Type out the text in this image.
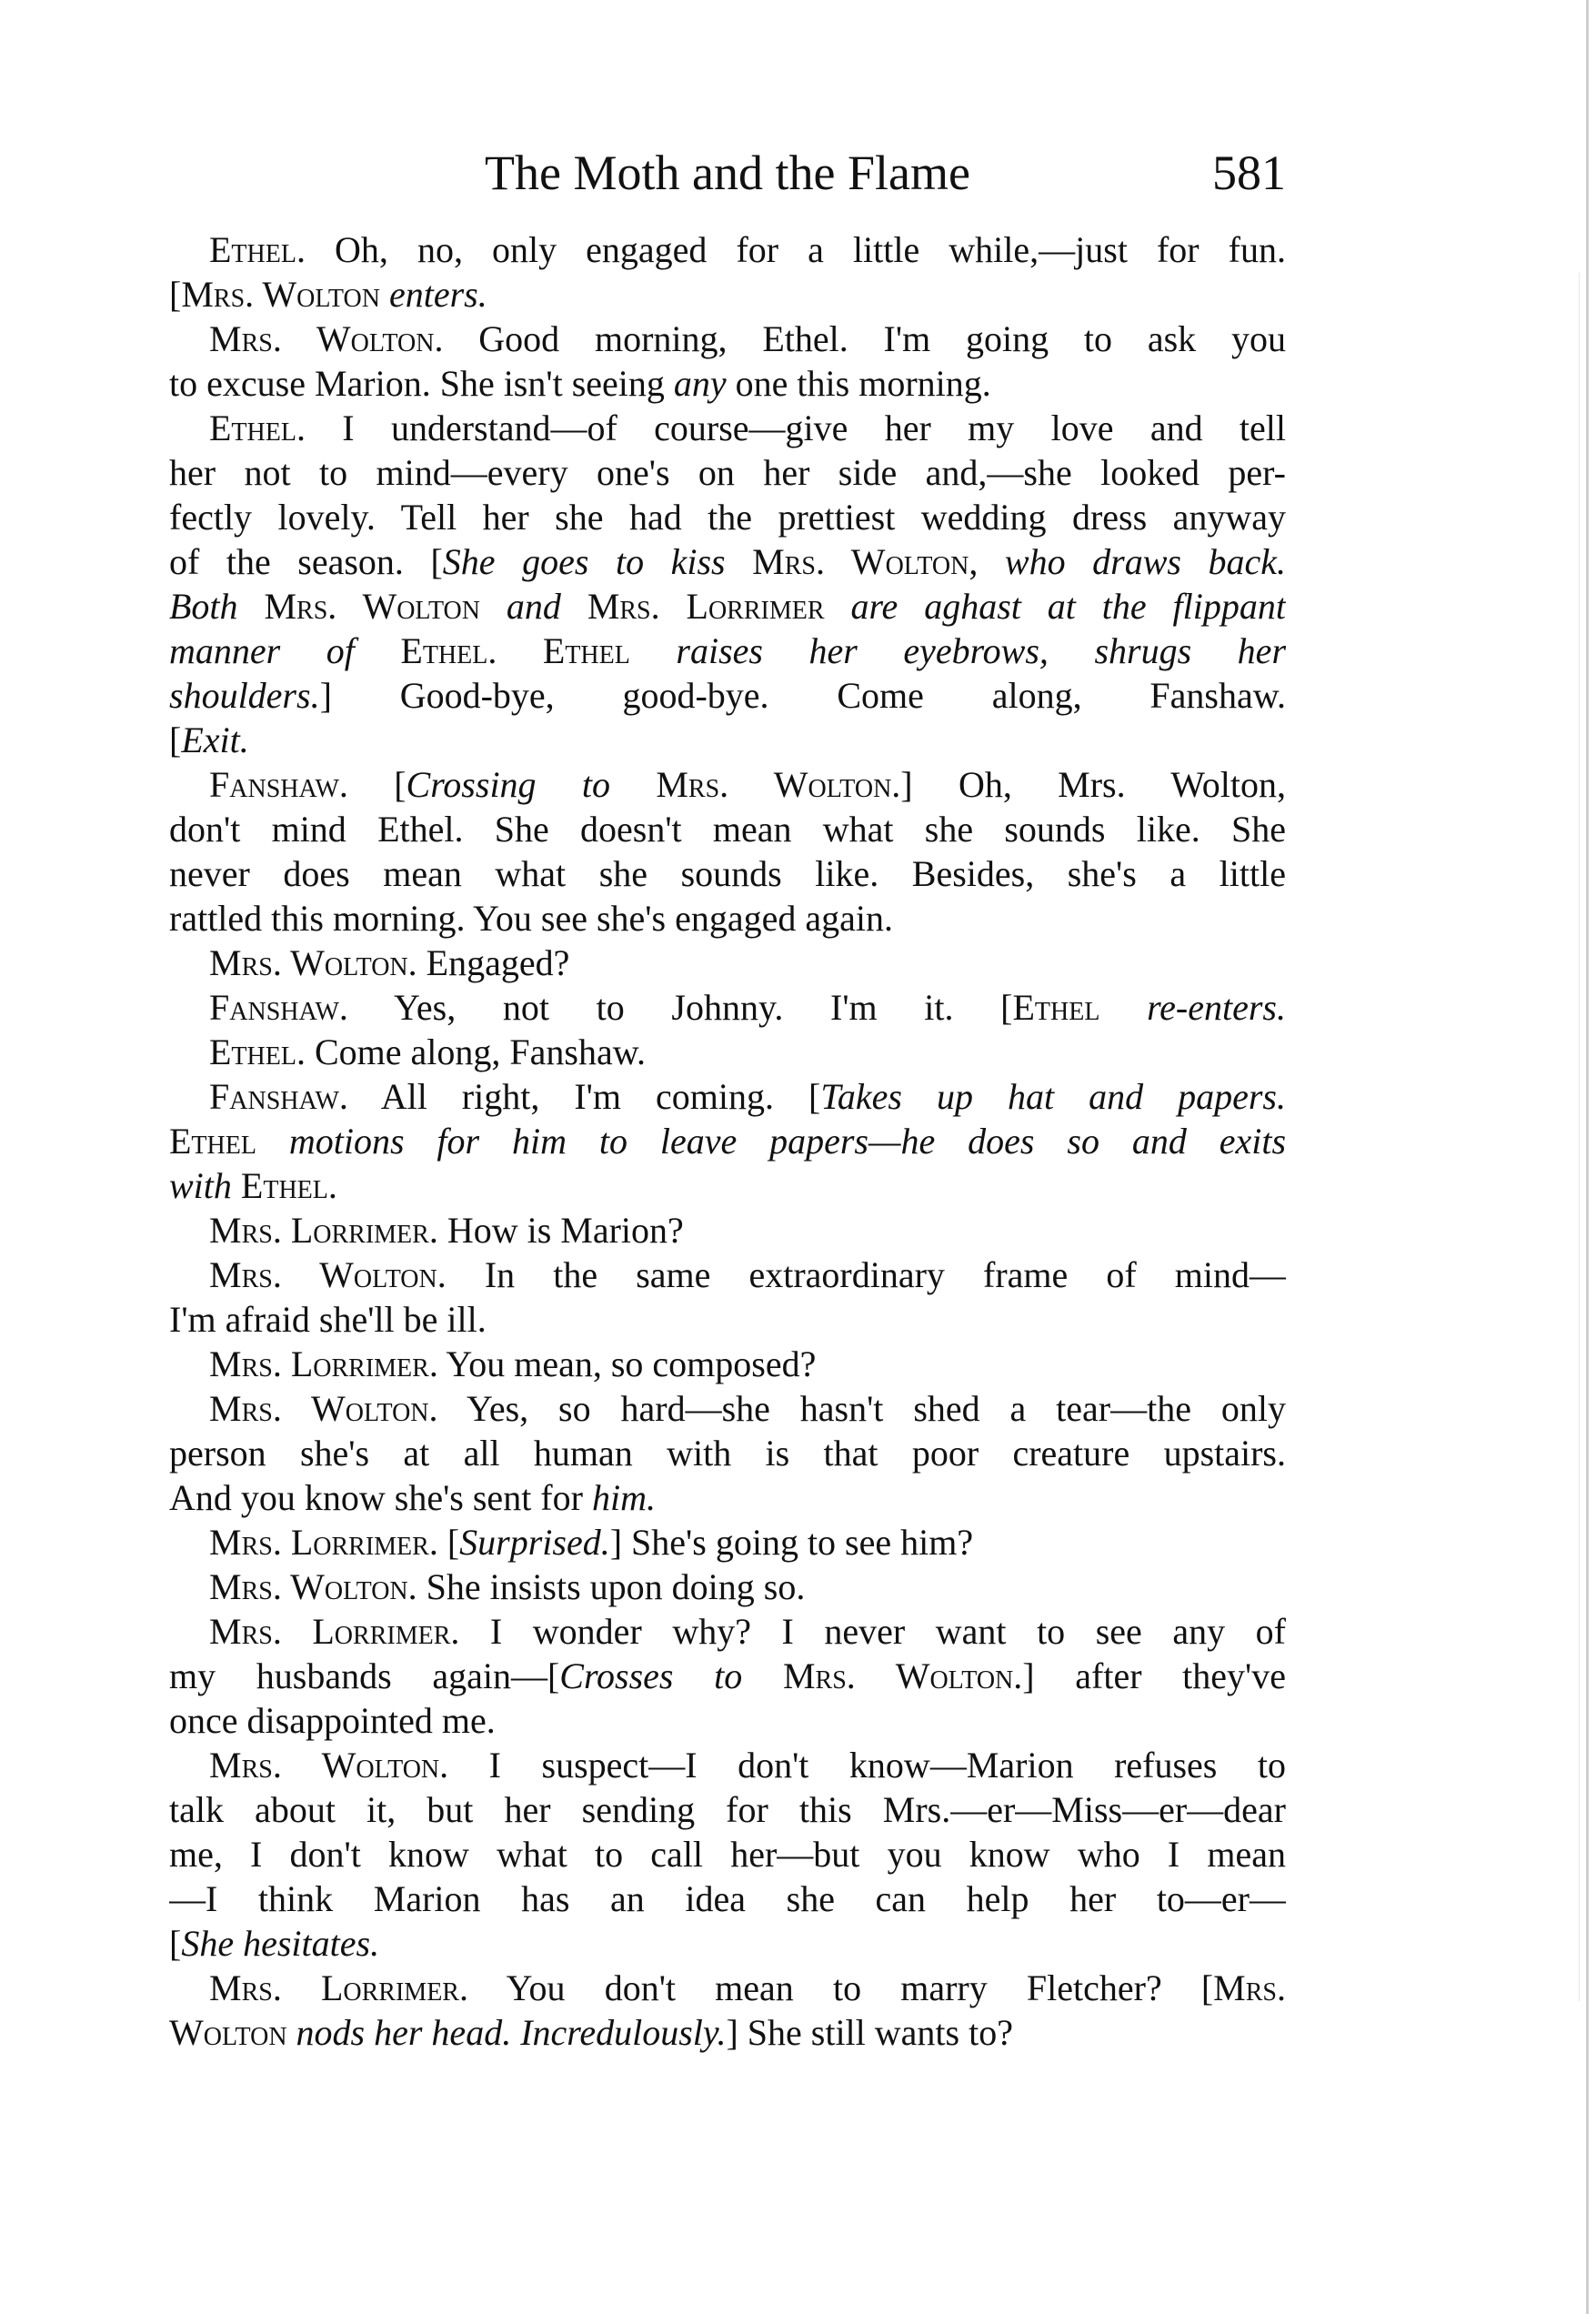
The Moth and the Flame	581
Ethel. Oh, no, only engaged for a little while,—just for fun.
[Mrs. Wolton enters.
Mrs. Wolton. Good morning, Ethel. I'm going to ask you
to excuse Marion. She isn't seeing any one this morning.
Ethel. I understand—of course—give her my love and tell
her not to mind—every one's on her side and,—she looked per-
fectly lovely. Tell her she had the prettiest wedding dress anyway
of the season. [She goes to kiss Mrs. Wolton, who draws back.
Both Mrs. Wolton and Mrs. Lorrimer are aghast at the flippant
manner of Ethel. Ethel raises her eyebrows, shrugs her
shoulders.] Good-bye, good-bye. Come along, Fanshaw.
[Exit.
Fanshaw. [Crossing to Mrs. Wolton.] Oh, Mrs. Wolton,
don't mind Ethel. She doesn't mean what she sounds like. She
never does mean what she sounds like. Besides, she's a little
rattled this morning. You see she's engaged again.
Mrs. Wolton. Engaged?
Fanshaw. Yes, not to Johnny. I'm it. [Ethel re-enters.
Ethel. Come along, Fanshaw.
Fanshaw. All right, I'm coming. [Takes up hat and papers.
Ethel motions for him to leave papers—he does so and exits
with Ethel.
Mrs. Lorrimer. How is Marion?
Mrs. Wolton. In the same extraordinary frame of mind—
I'm afraid she'll be ill.
Mrs. Lorrimer. You mean, so composed?
Mrs. Wolton. Yes, so hard—she hasn't shed a tear—the only
person she's at all human with is that poor creature upstairs.
And you know she's sent for him.
Mrs. Lorrimer. [Surprised.] She's going to see him?
Mrs. Wolton. She insists upon doing so.
Mrs. Lorrimer. I wonder why? I never want to see any of
my husbands again—[Crosses to Mrs. Wolton.] after they've
once disappointed me.
Mrs. Wolton. I suspect—I don't know—Marion refuses to
talk about it, but her sending for this Mrs.—er—Miss—er—dear
me, I don't know what to call her—but you know who I mean
—I think Marion has an idea she can help her to—er—
[She hesitates.
Mrs. Lorrimer. You don't mean to marry Fletcher? [Mrs.
Wolton nods her head. Incredulously.] She still wants to?
